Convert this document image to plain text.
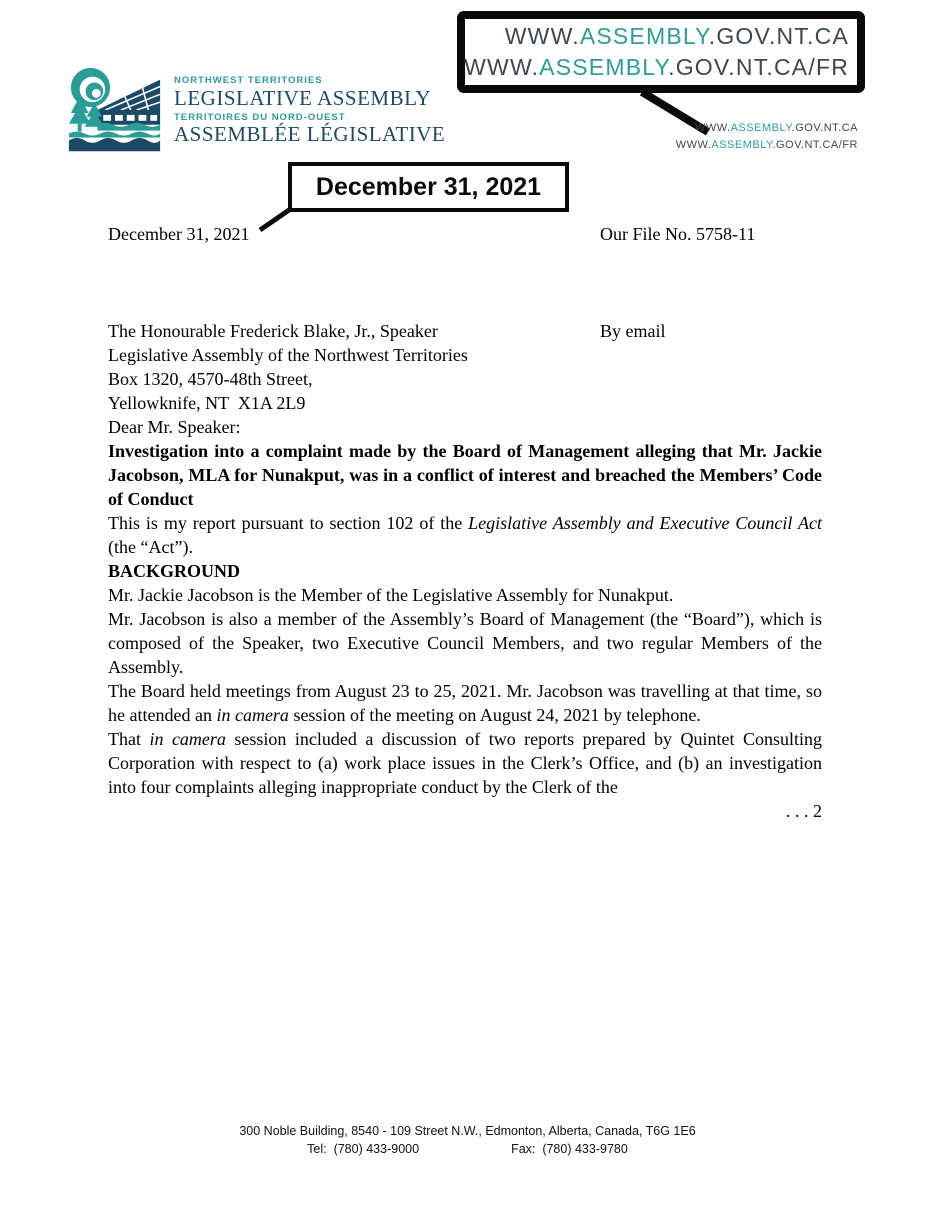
NORTHWEST TERRITORIES

LEGISLATIVE ASSEMBLY

TERRITOIRES DU NORD-OUEST

ASSEMBLÉE LÉGISLATIVE

WWW.ASSEMBLY.GOV.NT.CA
WWW.ASSEMBLY.GOV.NT.CA/FR
WWW.ASSEMBLY.GOV.NT.CA
WWW.ASSEMBLY.GOV.NT.CA/FR
December 31, 2021
December 31, 2021	Our File No. 5758-11
The Honourable Frederick Blake, Jr., Speaker
Legislative Assembly of the Northwest Territories
Box 1320, 4570-48th Street,
Yellowknife, NT  X1A 2L9
By email

Dear Mr. Speaker:

Investigation into a complaint made by the Board of Management alleging that Mr. Jackie Jacobson, MLA for Nunakput, was in a conflict of interest and breached the Members’ Code of Conduct

This is my report pursuant to section 102 of the Legislative Assembly and Executive Council Act (the “Act”).

BACKGROUND

Mr. Jackie Jacobson is the Member of the Legislative Assembly for Nunakput.

Mr. Jacobson is also a member of the Assembly’s Board of Management (the “Board”), which is composed of the Speaker, two Executive Council Members, and two regular Members of the Assembly.

The Board held meetings from August 23 to 25, 2021. Mr. Jacobson was travelling at that time, so he attended an in camera session of the meeting on August 24, 2021 by telephone.

That in camera session included a discussion of two reports prepared by Quintet Consulting Corporation with respect to (a) work place issues in the Clerk’s Office, and (b) an investigation into four complaints alleging inappropriate conduct by the Clerk of the

. . . 2

300 Noble Building, 8540 - 109 Street N.W., Edmonton, Alberta, Canada, T6G 1E6
Tel:  (780) 433-9000	Fax:  (780) 433-9780
